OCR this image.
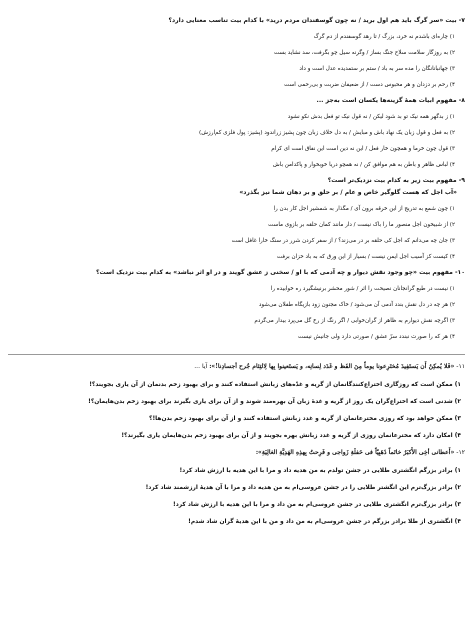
۷- بیت «سر گرگ باید هم اول برید / نه چون گوسفندان مردم درید» با کدام بیت تناسب معنایی دارد؟
۱) چاره‌ای باشدم نه خرد، بزرگ / تا رهد گوسفندم از دم گرگ
۲) به روزگار سلامت سلاح جنگ بساز / وگرنه سیل چو بگرفت، سد نشاید بست
۳) جهانبانانگان را مده سر به باد / ستم بر ستمدیده عدل است و داد
۴) رحم بر دزدان و هر محبوس دست / از ضعیفان ضربت و بی‌رحمی است
۸- مفهوم ابیات همهٔ گزینه‌ها یکسان است به‌جز ...
۱) ز بدگهر همه نیک تو بد شود لیکن / نه قول نیک تو فعل بدش نکو نشود
۲) به فعل و قول زبان یک نهاد باش و مبایش / به دل خلاف زبان چون پشیز زراندود (پشیز: پول فلزی کم‌ارزش)
۳) قول چون خرما و همچون خار فعل / این نه دین است این نفاق است ای کرام
۴) لباس ظاهر و باطن به هم موافق کن / نه همچو دریا خوبخوار و پاکدامن باش
۹- مفهوم بیت زیر به کدام بیت نزدیک‌تر است؟
«آب اجل که هست گلوگیر خاص و عام / بر حلق و بر دهان شما نیز بگذرد»
۱) چون شمع به تدریج از این خرقه برون آی / مگذار به شمشیر اجل کار بدن را
۲) از شبیخون اجل منصور ما را باک نیست / دار مانند کمان حلقه بر بازوی ماست
۳) جان چه می‌دانم که اجل کی حلقه بر در می‌زند؟ / از سفر کردن شرر در سنگ خارا غافل است
۴) کیست کز آسیب اجل ایمن نیست / بسیار از این ورق که به باد خزان برفت
۱۰- مفهوم بیت «چو وجود نقش دیوار و چه آدمی که با او / سخنی ز عشق گویند و در او اثر نباشد» به کدام بیت نزدیک است؟
۱) نیست در طبع گرانجانان نصیحت را اثر / شور محشر برنیشگیرد ره خوابیده را
۲) هر چه در دل نقش بندد آدمی آن می‌شود / خاک مجنون زود بازیگاه طفلان می‌شود
۳) اگرچه نقش دیوارم به ظاهر از گران‌خوابی / اگر رنگ از رخ گل می‌پرد بیدار می‌گردم
۴) هر که را صورت نبندد سرّ عشق / صورتی دارد ولی جانیش نیست
۱۱- «فَلا یُمکِنُ أَن یَستَفِیدَ مُختَرِعونا یوماً مِنَ الفَظ و غَدَد لِسانِه، و یَستَعینوا بِها لِالتِئام جُرح أجسادِنا!»: آیا ...
۱) ممکن است که روزگاری اختراع‌کنندگانمان از گریه و غدّه‌های زبانش استفاده کنند و برای بهبود زخم بدنمان از آن یاری بجویند؟!
۲) شدنی است که اختراع‌گران یک روز از گریه و غدهٔ زبان آن بهره‌مند شوند و از آن برای یاری بگیرند برای بهبود زخم بدن‌هایمان؟!
۳) ممکن خواهد بود که روزی مخترعانمان از گریه و غدد زبانش استفاده کنند و از آن برای بهبود زخم بدن‌ها!؟
۴) امکان دارد که مخترعانمان روزی از گریه و غدد زبانش بهره بجویند و از آن برای بهبود زخم بدن‌هایمان یاری بگیرند؟!
۱۲- «أَعطانی أخِی الأَکبَرُ خاتَماً ذَهَبِیّاً فی حَفلَةِ زَواجی و فَرِحتُ بِهذِهِ الهَدِیَّةِ الغالِیَةِ»:
۱) برادر بزرگم انگشتری طلایی در جشن تولدم به من هدیه داد و مرا با این هدیه با ارزش شاد کرد!
۲) برادر بزرگ‌ترم این انگشتر طلایی را در جشن عروسی‌ام به من هدیه داد و مرا با آن هدیهٔ ارزشمند شاد کرد!
۳) برادر بزرگ‌ترم انگشتری طلایی در جشن عروسی‌ام به من داد و مرا با این هدیه با ارزش شاد کرد!
۴) انگشتری از طلا برادر بزرگم در جشن عروسی‌ام به من داد و من با این هدیهٔ گران شاد شدم!
